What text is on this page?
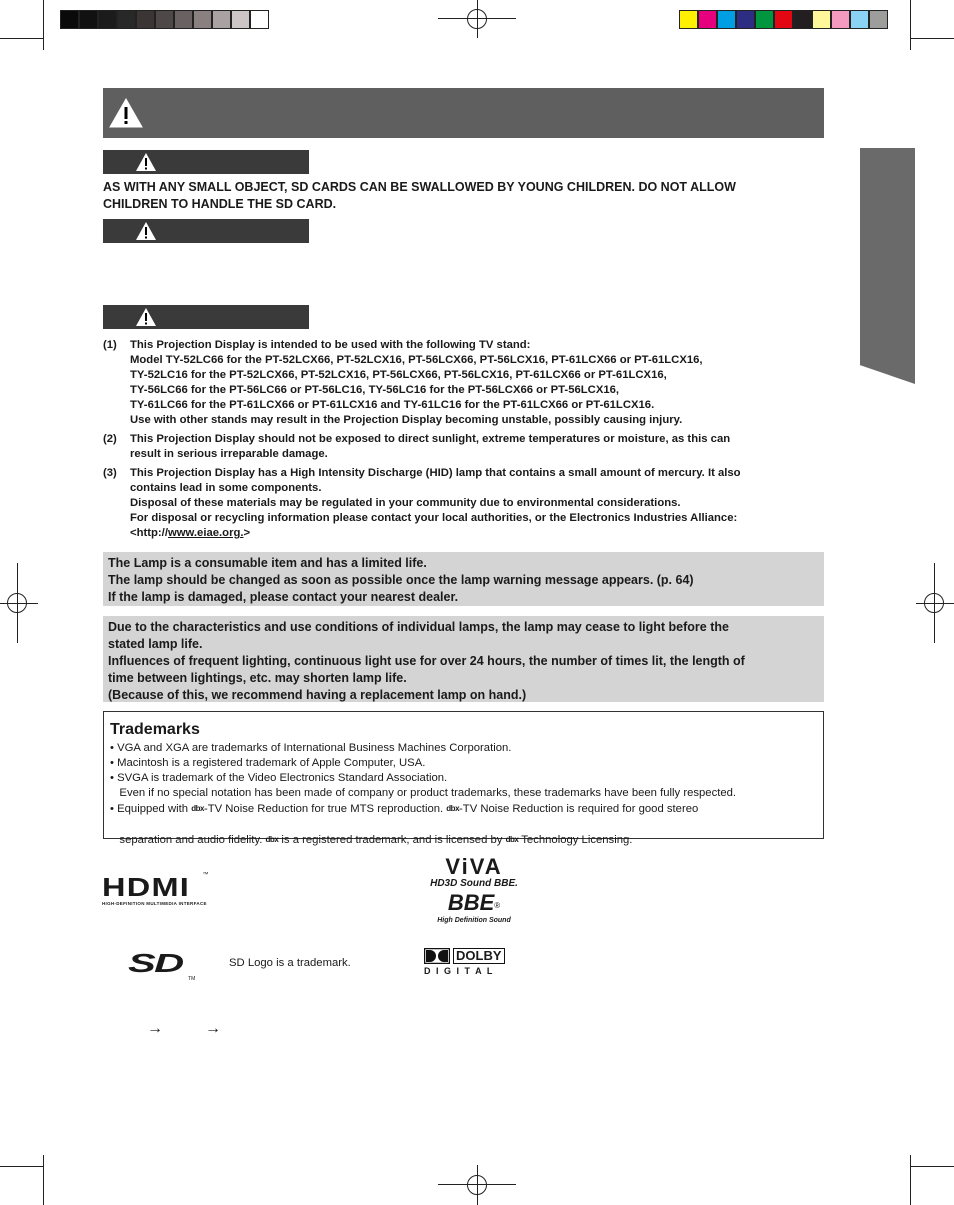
AS WITH ANY SMALL OBJECT, SD CARDS CAN BE SWALLOWED BY YOUNG CHILDREN. DO NOT ALLOW
CHILDREN TO HANDLE THE SD CARD.
(1)	This Projection Display is intended to be used with the following TV stand:
Model TY-52LC66 for the PT-52LCX66, PT-52LCX16, PT-56LCX66, PT-56LCX16, PT-61LCX66 or PT-61LCX16,
TY-52LC16 for the PT-52LCX66, PT-52LCX16, PT-56LCX66, PT-56LCX16, PT-61LCX66 or PT-61LCX16,
TY-56LC66 for the PT-56LC66 or PT-56LC16, TY-56LC16 for the PT-56LCX66 or PT-56LCX16,
TY-61LC66 for the PT-61LCX66 or PT-61LCX16 and TY-61LC16 for the PT-61LCX66 or PT-61LCX16.
Use with other stands may result in the Projection Display becoming unstable, possibly causing injury.
(2)	This Projection Display should not be exposed to direct sunlight, extreme temperatures or moisture, as this can
result in serious irreparable damage.
(3)	This Projection Display has a High Intensity Discharge (HID) lamp that contains a small amount of mercury. It also
contains lead in some components.
Disposal of these materials may be regulated in your community due to environmental considerations.
For disposal or recycling information please contact your local authorities, or the Electronics Industries Alliance:
<http://www.eiae.org.>
The Lamp is a consumable item and has a limited life.
The lamp should be changed as soon as possible once the lamp warning message appears. (p. 64)
If the lamp is damaged, please contact your nearest dealer.
Due to the characteristics and use conditions of individual lamps, the lamp may cease to light before the
stated lamp life.
Influences of frequent lighting, continuous light use for over 24 hours, the number of times lit, the length of
time between lightings, etc. may shorten lamp life.
(Because of this, we recommend having a replacement lamp on hand.)
Trademarks
• VGA and XGA are trademarks of International Business Machines Corporation.
• Macintosh is a registered trademark of Apple Computer, USA.
• SVGA is trademark of the Video Electronics Standard Association.
Even if no special notation has been made of company or product trademarks, these trademarks have been fully respected.
• Equipped with dbx-TV Noise Reduction for true MTS reproduction. dbx-TV Noise Reduction is required for good stereo

separation and audio fidelity. dbx is a registered trademark, and is licensed by dbx Technology Licensing.

HDMI ™
HIGH-DEFINITION MULTIMEDIA INTERFACE
ViVA
HD3D Sound BBE.
BBE®
High Definition Sound
$SD_{TM}$
SD Logo is a trademark.	DOLBY
D I G I T A L
→	→
